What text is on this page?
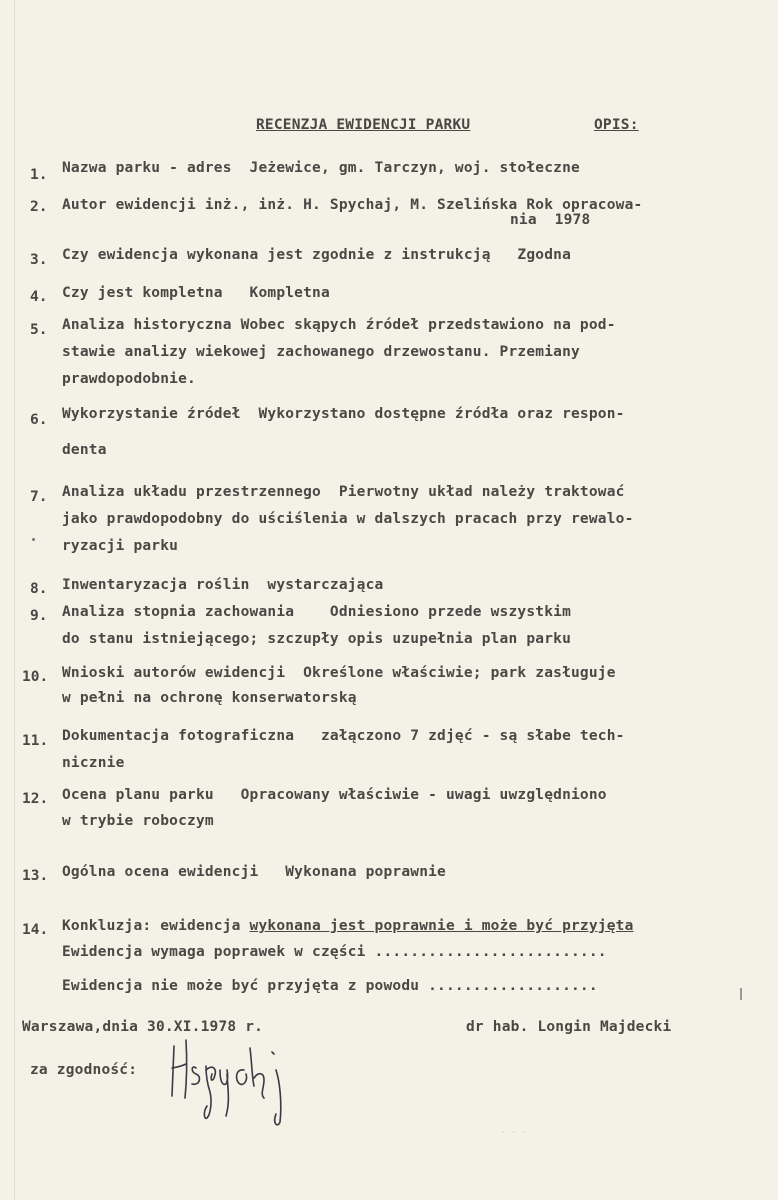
RECENZJA EWIDENCJI PARKU	OPIS:
1. Nazwa parku - adres  Jeżewice, gm. Tarczyn, woj. stołeczne
2. Autor ewidencji inż., inż. H. Spychaj, M. Szelińska Rok opracowa-
nia  1978
3. Czy ewidencja wykonana jest zgodnie z instrukcją   Zgodna
4. Czy jest kompletna   Kompletna
5. Analiza historyczna Wobec skąpych źródeł przedstawiono na pod-
stawie analizy wiekowej zachowanego drzewostanu. Przemiany
prawdopodobnie.
6. Wykorzystanie źródeł  Wykorzystano dostępne źródła oraz respon-
denta
7. Analiza układu przestrzennego  Pierwotny układ należy traktować
jako prawdopodobny do uściślenia w dalszych pracach przy rewalo-
ryzacji parku
8. Inwentaryzacja roślin  wystarczająca
9. Analiza stopnia zachowania    Odniesiono przede wszystkim
do stanu istniejącego; szczupły opis uzupełnia plan parku
10. Wnioski autorów ewidencji  Określone właściwie; park zasługuje
w pełni na ochronę konserwatorską
11. Dokumentacja fotograficzna   załączono 7 zdjęć - są słabe tech-
nicznie
12. Ocena planu parku   Opracowany właściwie - uwagi uwzględniono
w trybie roboczym
13. Ogólna ocena ewidencji   Wykonana poprawnie
14. Konkluzja: ewidencja wykonana jest poprawnie i może być przyjęta
Ewidencja wymaga poprawek w części ..........................
Ewidencja nie może być przyjęta z powodu ...................
Warszawa,dnia 30.XI.1978 r.	dr hab. Longin Majdecki
za zgodność:
· · ·
